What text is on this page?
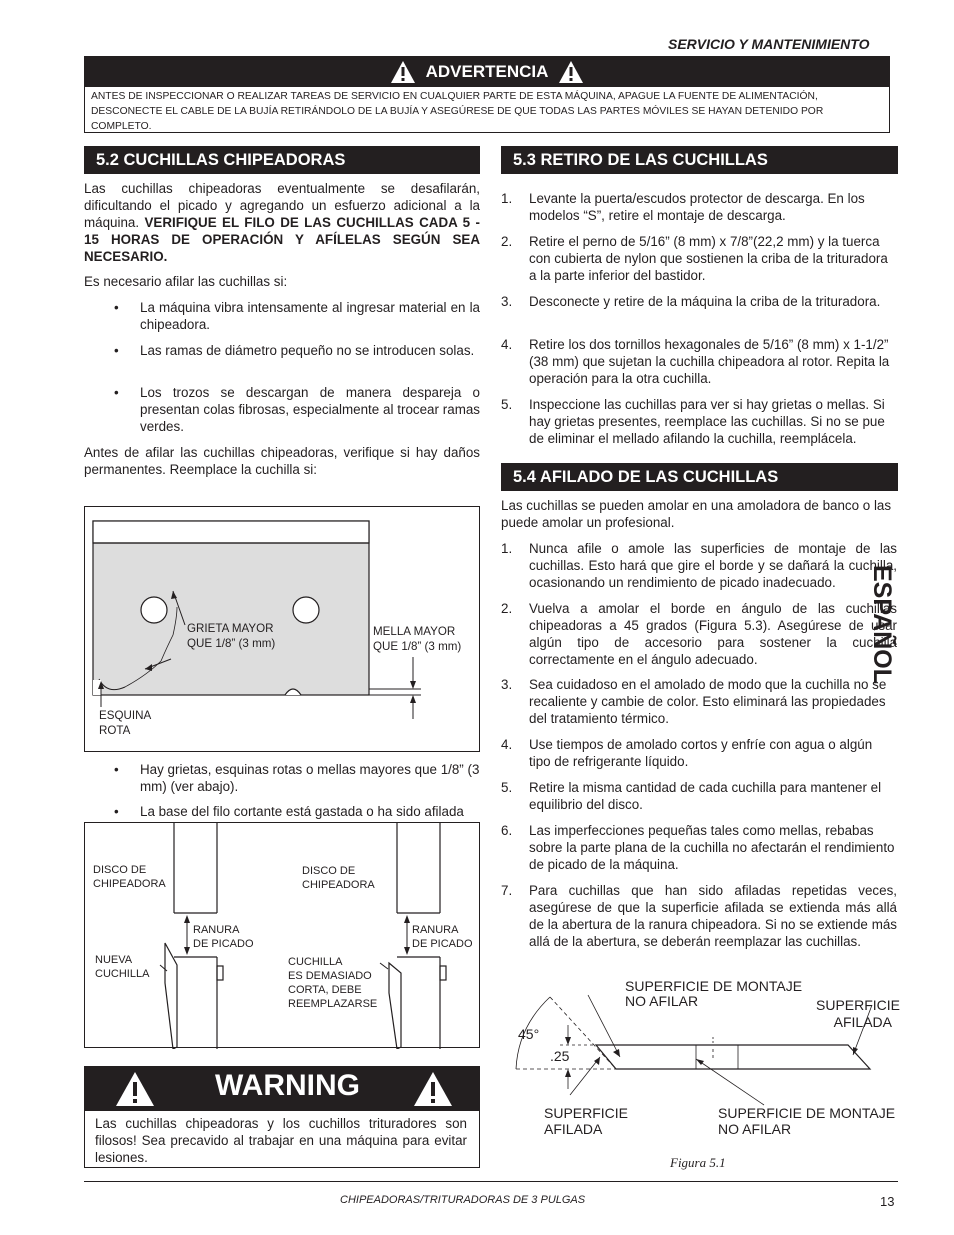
SERVICIO Y MANTENIMIENTO
ADVERTENCIA
ANTES DE INSPECCIONAR O REALIZAR TAREAS DE SERVICIO EN CUALQUIER PARTE DE ESTA MÁQUINA, APAGUE LA FUENTE DE ALIMENTACIÓN, DESCONECTE EL CABLE DE LA BUJÍA RETIRÁNDOLO DE LA BUJÍA Y ASEGÚRESE DE QUE TODAS LAS PARTES MÓVILES SE HAYAN DETENIDO POR COMPLETO.
5.2 CUCHILLAS CHIPEADORAS
Las cuchillas chipeadoras eventualmente se desafilarán, dificultando el picado y agregando un esfuerzo adicional a la máquina. VERIFIQUE EL FILO DE LAS CUCHILLAS CADA 5 - 15 HORAS DE OPERACIÓN Y AFÍLELAS SEGÚN SEA NECESARIO.
Es necesario afilar las cuchillas si:
• La máquina vibra intensamente al ingresar material en la chipeadora.
• Las ramas de diámetro pequeño no se introducen solas.
• Los trozos se descargan de manera despareja o presentan colas fibrosas, especialmente al trocear ramas verdes.
Antes de afilar las cuchillas chipeadoras, verifique si hay daños permanentes. Reemplace la cuchilla si:
GRIETA MAYOR
QUE 1/8” (3 mm)
MELLA MAYOR
QUE 1/8” (3 mm)
ESQUINA
ROTA
• Hay grietas, esquinas rotas o mellas mayores que 1/8” (3 mm) (ver abajo).
• La base del filo cortante está gastada o ha sido afilada
DISCO DE
CHIPEADORA
RANURA
DE PICADO
NUEVA
CUCHILLA
DISCO DE
CHIPEADORA
RANURA
DE PICADO
CUCHILLA
ES DEMASIADO
CORTA, DEBE
REEMPLAZARSE
WARNING
Las cuchillas chipeadoras y los cuchillos trituradores son filosos! Sea precavido al trabajar en una máquina para evitar lesiones.
5.3 RETIRO DE LAS CUCHILLAS
1. Levante la puerta/escudos protector de descarga. En los modelos “S”, retire el montaje de descarga.
2. Retire el perno de 5/16” (8 mm) x 7/8”(22,2 mm) y la tuerca con cubierta de nylon que sostienen la criba de la trituradora a la parte inferior del bastidor.
3. Desconecte y retire de la máquina la criba de la trituradora.
4. Retire los dos tornillos hexagonales de 5/16” (8 mm) x 1-1/2” (38 mm) que sujetan la cuchilla chipeadora al rotor. Repita la operación para la otra cuchilla.
5. Inspeccione las cuchillas para ver si hay grietas o mellas. Si hay grietas presentes, reemplace las cuchillas. Si no se pue de eliminar el mellado afilando la cuchilla, reemplácela.
5.4 AFILADO DE LAS CUCHILLAS
Las cuchillas se pueden amolar en una amoladora de banco o las puede amolar un profesional.
1. Nunca afile o amole las superficies de montaje de las cuchillas. Esto hará que gire el borde y se dañará la cuchilla, ocasionando un rendimiento de picado inadecuado.
2. Vuelva a amolar el borde en ángulo de las cuchillas chipeadoras a 45 grados (Figura 5.3). Asegúrese de usar algún tipo de accesorio para sostener la cuchilla correctamente en el ángulo adecuado.
3. Sea cuidadoso en el amolado de modo que la cuchilla no se recaliente y cambie de color. Esto eliminará las propiedades del tratamiento térmico.
4. Use tiempos de amolado cortos y enfríe con agua o algún tipo de refrigerante líquido.
5. Retire la misma cantidad de cada cuchilla para mantener el equilibrio del disco.
6. Las imperfecciones pequeñas tales como mellas, rebabas sobre la parte plana de la cuchilla no afectarán el rendimiento de picado de la máquina.
7. Para cuchillas que han sido afiladas repetidas veces, asegúrese de que la superficie afilada se extienda más allá de la abertura de la ranura chipeadora. Si no se extiende más allá de la abertura, se deberán reemplazar las cuchillas.
SUPERFICIE DE MONTAJE
NO AFILAR	SUPERFICIE
AFILADA
45°
.25
SUPERFICIE
AFILADA
SUPERFICIE DE MONTAJE
NO AFILAR
Figura 5.1
ESPAÑOL
CHIPEADORAS/TRITURADORAS DE 3 PULGAS	13
